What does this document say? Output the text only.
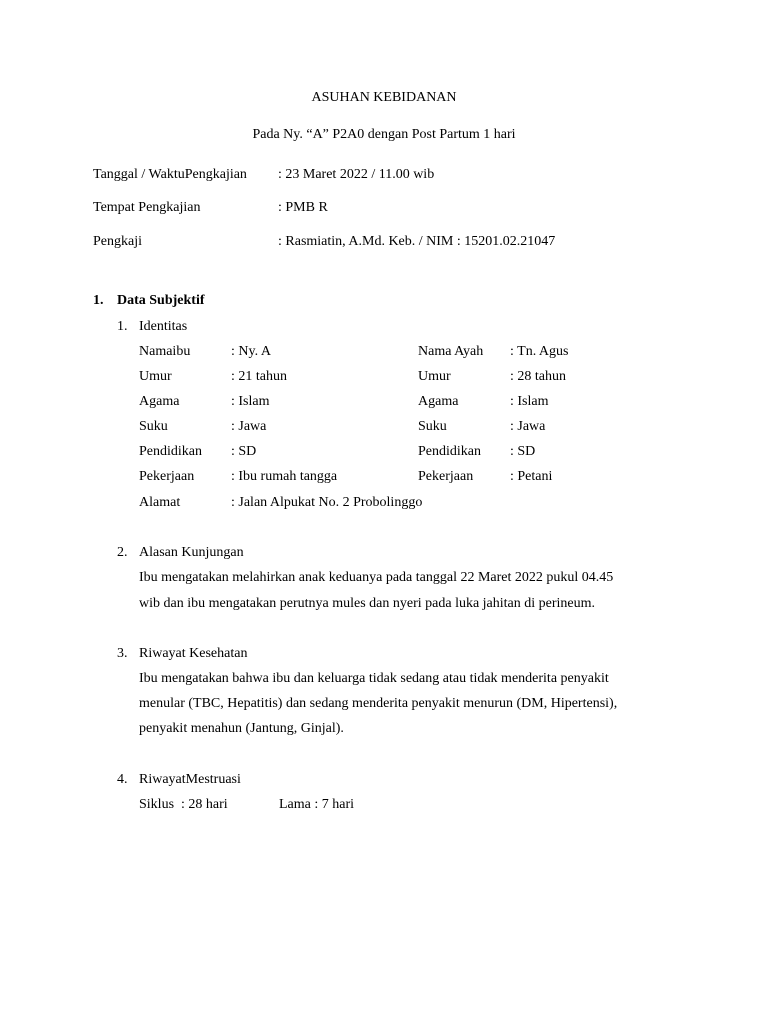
ASUHAN KEBIDANAN
Pada Ny. “A” P2A0 dengan Post Partum 1 hari
Tanggal / WaktuPengkajian : 23 Maret 2022 / 11.00 wib
Tempat Pengkajian	: PMB R
Pengkaji	: Rasmiatin, A.Md. Keb. / NIM : 15201.02.21047
1. Data Subjektif
1. Identitas
Namaibu	: Ny. A	Nama Ayah : Tn. Agus
Umur	: 21 tahun	Umur	: 28 tahun
Agama	: Islam	Agama	: Islam
Suku	: Jawa	Suku	: Jawa
Pendidikan : SD	Pendidikan : SD
Pekerjaan	: Ibu rumah tangga	Pekerjaan	: Petani
Alamat	: Jalan Alpukat No. 2 Probolinggo
2. Alasan Kunjungan
Ibu mengatakan melahirkan anak keduanya pada tanggal 22 Maret 2022 pukul 04.45
wib dan ibu mengatakan perutnya mules dan nyeri pada luka jahitan di perineum.
3. Riwayat Kesehatan
Ibu mengatakan bahwa ibu dan keluarga tidak sedang atau tidak menderita penyakit
menular (TBC, Hepatitis) dan sedang menderita penyakit menurun (DM, Hipertensi),
penyakit menahun (Jantung, Ginjal).
4. RiwayatMestruasi
Siklus  : 28 hari	Lama : 7 hari
